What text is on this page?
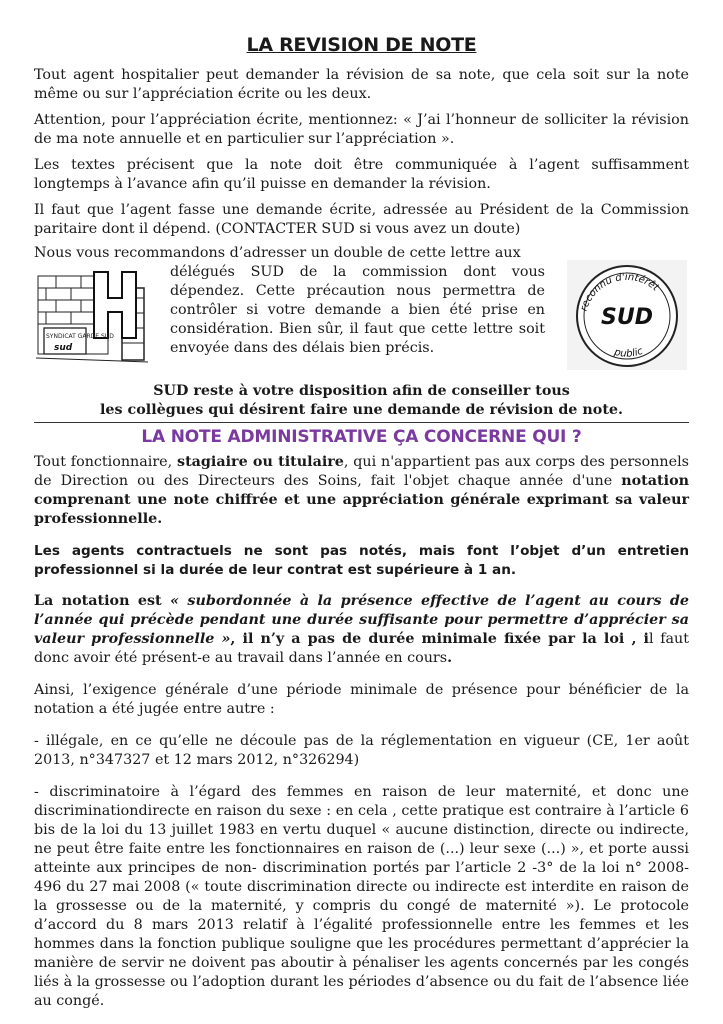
LA REVISION DE NOTE

Tout agent hospitalier peut demander la révision de sa note, que cela soit sur la note même ou sur l’appréciation écrite ou les deux.

Attention, pour l’appréciation écrite, mentionnez: « J’ai l’honneur de solliciter la révision de ma note annuelle et en particulier sur l’appréciation ».

Les textes précisent que la note doit être communiquée à l’agent suffisamment longtemps à l’avance afin qu’il puisse en demander la révision.

Il faut que l’agent fasse une demande écrite, adressée au Président de la Commission paritaire dont il dépend. (CONTACTER SUD si vous avez un doute)

Nous vous recommandons d’adresser un double de cette lettre aux
délégués SUD de la commission dont vous dépendez. Cette précaution nous permettra de contrôler si votre demande a bien été prise en considération. Bien sûr, il faut que cette lettre soit envoyée dans des délais bien précis.
SYNDICAT GARDE SUD
sud
reconnu d'intérêt
public
SUD

SUD reste à votre disposition afin de conseiller tous

les collègues qui désirent faire une demande de révision de note.

LA NOTE ADMINISTRATIVE ÇA CONCERNE QUI ?

Tout fonctionnaire, stagiaire ou titulaire, qui n'appartient pas aux corps des personnels de Direction ou des Directeurs des Soins, fait l'objet chaque année d'une notation comprenant une note chiffrée et une appréciation générale exprimant sa valeur professionnelle.

Les agents contractuels ne sont pas notés, mais font l’objet d’un entretien professionnel si la durée de leur contrat est supérieure à 1 an.

La notation est « subordonnée à la présence effective de l’agent au cours de l’année qui précède pendant une durée suffisante pour permettre d’apprécier sa valeur professionnelle », il n’y a pas de durée minimale fixée par la loi , il faut donc avoir été présent-e au travail dans l’année en cours.

Ainsi, l’exigence générale d’une période minimale de présence pour bénéficier de la notation a été jugée entre autre :

- illégale, en ce qu’elle ne découle pas de la réglementation en vigueur (CE, 1er août 2013, n°347327 et 12 mars 2012, n°326294)

- discriminatoire à l’égard des femmes en raison de leur maternité, et donc une discriminationdirecte en raison du sexe : en cela , cette pratique est contraire à l’article 6 bis de la loi du 13 juillet 1983 en vertu duquel « aucune distinction, directe ou indirecte, ne peut être faite entre les fonctionnaires en raison de (...) leur sexe (...) », et porte aussi atteinte aux principes de non- discrimination portés par l’article 2 -3° de la loi n° 2008-496 du 27 mai 2008 (« toute discrimination directe ou indirecte est interdite en raison de la grossesse ou de la maternité, y compris du congé de maternité »). Le protocole d’accord du 8 mars 2013 relatif à l’égalité professionnelle entre les femmes et les hommes dans la fonction publique souligne que les procédures permettant d’apprécier la manière de servir ne doivent pas aboutir à pénaliser les agents concernés par les congés liés à la grossesse ou l’adoption durant les périodes d’absence ou du fait de l’absence liée au congé.
